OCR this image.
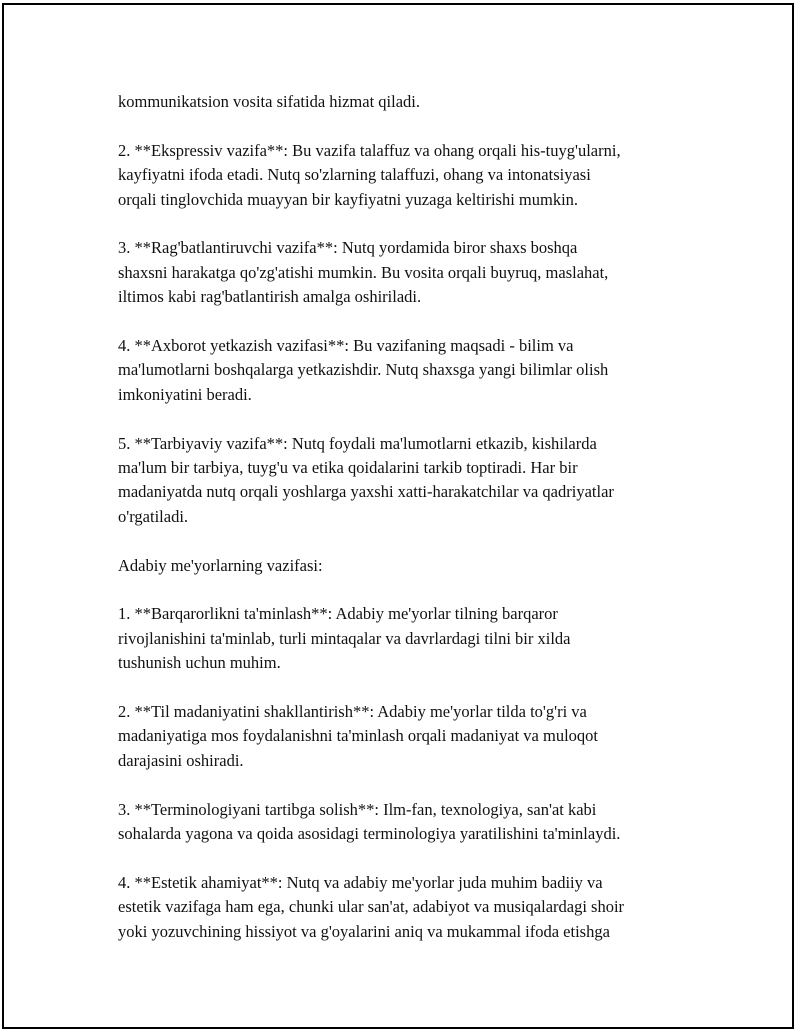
kommunikatsion vosita sifatida hizmat qiladi.

2. **Ekspressiv vazifa**: Bu vazifa talaffuz va ohang orqali his-tuyg'ularni,
kayfiyatni ifoda etadi. Nutq so'zlarning talaffuzi, ohang va intonatsiyasi
orqali tinglovchida muayyan bir kayfiyatni yuzaga keltirishi mumkin.

3. **Rag'batlantiruvchi vazifa**: Nutq yordamida biror shaxs boshqa
shaxsni harakatga qo'zg'atishi mumkin. Bu vosita orqali buyruq, maslahat,
iltimos kabi rag'batlantirish amalga oshiriladi.

4. **Axborot yetkazish vazifasi**: Bu vazifaning maqsadi - bilim va
ma'lumotlarni boshqalarga yetkazishdir. Nutq shaxsga yangi bilimlar olish
imkoniyatini beradi.

5. **Tarbiyaviy vazifa**: Nutq foydali ma'lumotlarni etkazib, kishilarda
ma'lum bir tarbiya, tuyg'u va etika qoidalarini tarkib toptiradi. Har bir
madaniyatda nutq orqali yoshlarga yaxshi xatti-harakatchilar va qadriyatlar
o'rgatiladi.

Adabiy me'yorlarning vazifasi:

1. **Barqarorlikni ta'minlash**: Adabiy me'yorlar tilning barqaror
rivojlanishini ta'minlab, turli mintaqalar va davrlardagi tilni bir xilda
tushunish uchun muhim.

2. **Til madaniyatini shakllantirish**: Adabiy me'yorlar tilda to'g'ri va
madaniyatiga mos foydalanishni ta'minlash orqali madaniyat va muloqot
darajasini oshiradi.

3. **Terminologiyani tartibga solish**: Ilm-fan, texnologiya, san'at kabi
sohalarda yagona va qoida asosidagi terminologiya yaratilishini ta'minlaydi.

4. **Estetik ahamiyat**: Nutq va adabiy me'yorlar juda muhim badiiy va
estetik vazifaga ham ega, chunki ular san'at, adabiyot va musiqalardagi shoir
yoki yozuvchining hissiyot va g'oyalarini aniq va mukammal ifoda etishga
